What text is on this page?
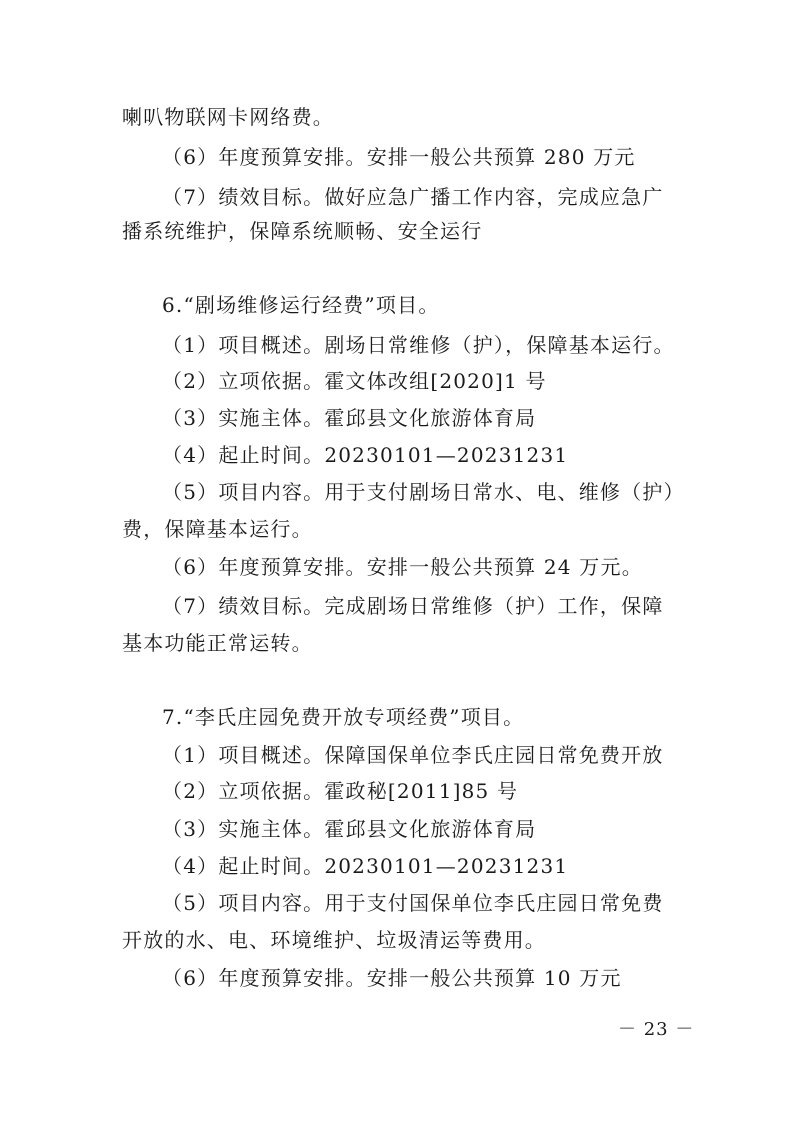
喇叭物联网卡网络费。
（6）年度预算安排。安排一般公共预算 280 万元
（7）绩效目标。做好应急广播工作内容，完成应急广
播系统维护，保障系统顺畅、安全运行
6.“剧场维修运行经费”项目。
（1）项目概述。剧场日常维修（护），保障基本运行。
（2）立项依据。霍文体改组[2020]1 号
（3）实施主体。霍邱县文化旅游体育局
（4）起止时间。20230101—20231231
（5）项目内容。用于支付剧场日常水、电、维修（护）
费，保障基本运行。
（6）年度预算安排。安排一般公共预算 24 万元。
（7）绩效目标。完成剧场日常维修（护）工作，保障
基本功能正常运转。
7.“李氏庄园免费开放专项经费”项目。
（1）项目概述。保障国保单位李氏庄园日常免费开放
（2）立项依据。霍政秘[2011]85 号
（3）实施主体。霍邱县文化旅游体育局
（4）起止时间。20230101—20231231
（5）项目内容。用于支付国保单位李氏庄园日常免费
开放的水、电、环境维护、垃圾清运等费用。
（6）年度预算安排。安排一般公共预算 10 万元
－ 23 －
